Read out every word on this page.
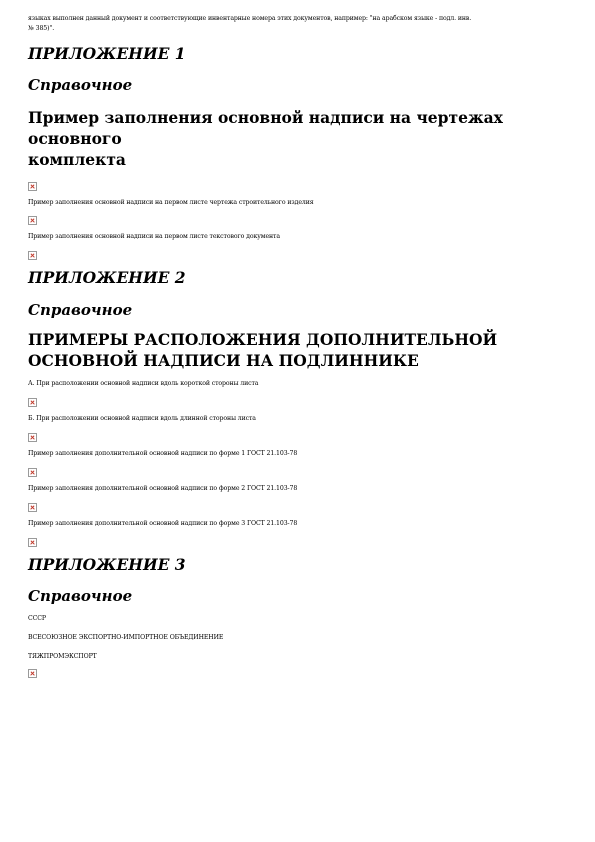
языках выполнен данный документ и соответствующие инвентарные номера этих документов, например: "на арабском языке - подл. инв.

№ 385)".

ПРИЛОЖЕНИЕ 1

Справочное

Пример заполнения основной надписи на чертежах основного

комплекта

Пример заполнения основной надписи на первом листе чертежа строительного изделия

Пример заполнения основной надписи на первом листе текстового документа

ПРИЛОЖЕНИЕ 2

Справочное

ПРИМЕРЫ РАСПОЛОЖЕНИЯ ДОПОЛНИТЕЛЬНОЙ

ОСНОВНОЙ НАДПИСИ НА ПОДЛИННИКЕ

А. При расположении основной надписи вдоль короткой стороны листа

Б. При расположении основной надписи вдоль длинной стороны листа

Пример заполнения дополнительной основной надписи по форме 1 ГОСТ 21.103-78

Пример заполнения дополнительной основной надписи по форме 2 ГОСТ 21.103-78

Пример заполнения дополнительной основной надписи по форме 3 ГОСТ 21.103-78

ПРИЛОЖЕНИЕ 3

Справочное

СССР

ВСЕСОЮЗНОЕ ЭКСПОРТНО-ИМПОРТНОЕ ОБЪЕДИНЕНИЕ

ТЯЖПРОМЭКСПОРТ
